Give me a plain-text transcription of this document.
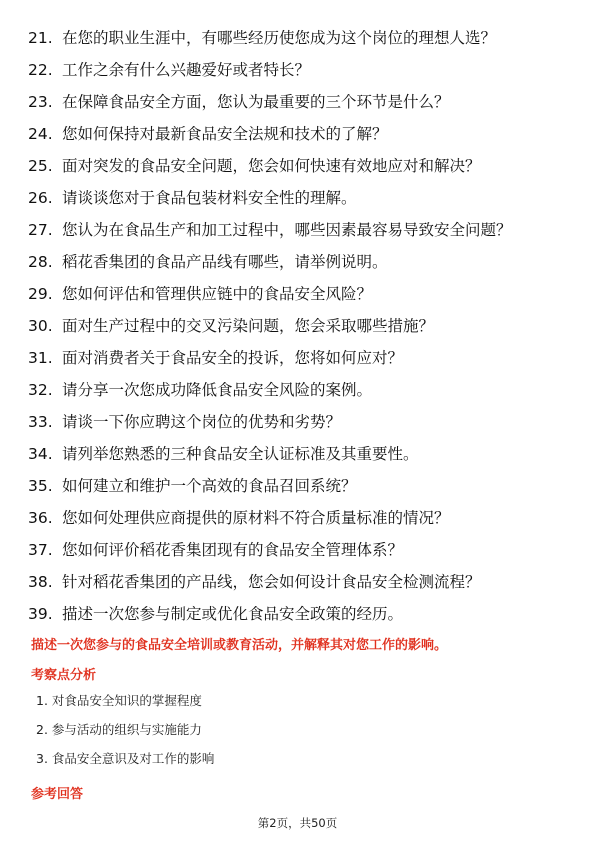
21. 在您的职业生涯中，有哪些经历使您成为这个岗位的理想人选？
22. 工作之余有什么兴趣爱好或者特长？
23. 在保障食品安全方面，您认为最重要的三个环节是什么？
24. 您如何保持对最新食品安全法规和技术的了解？
25. 面对突发的食品安全问题，您会如何快速有效地应对和解决？
26. 请谈谈您对于食品包装材料安全性的理解。
27. 您认为在食品生产和加工过程中，哪些因素最容易导致安全问题？
28. 稻花香集团的食品产品线有哪些，请举例说明。
29. 您如何评估和管理供应链中的食品安全风险？
30. 面对生产过程中的交叉污染问题，您会采取哪些措施？
31. 面对消费者关于食品安全的投诉，您将如何应对？
32. 请分享一次您成功降低食品安全风险的案例。
33. 请谈一下你应聘这个岗位的优势和劣势？
34. 请列举您熟悉的三种食品安全认证标准及其重要性。
35. 如何建立和维护一个高效的食品召回系统？
36. 您如何处理供应商提供的原材料不符合质量标准的情况？
37. 您如何评价稻花香集团现有的食品安全管理体系？
38. 针对稻花香集团的产品线，您会如何设计食品安全检测流程？
39. 描述一次您参与制定或优化食品安全政策的经历。
描述一次您参与的食品安全培训或教育活动，并解释其对您工作的影响。
考察点分析
1. 对食品安全知识的掌握程度
2. 参与活动的组织与实施能力
3. 食品安全意识及对工作的影响
参考回答
第2页，共50页
